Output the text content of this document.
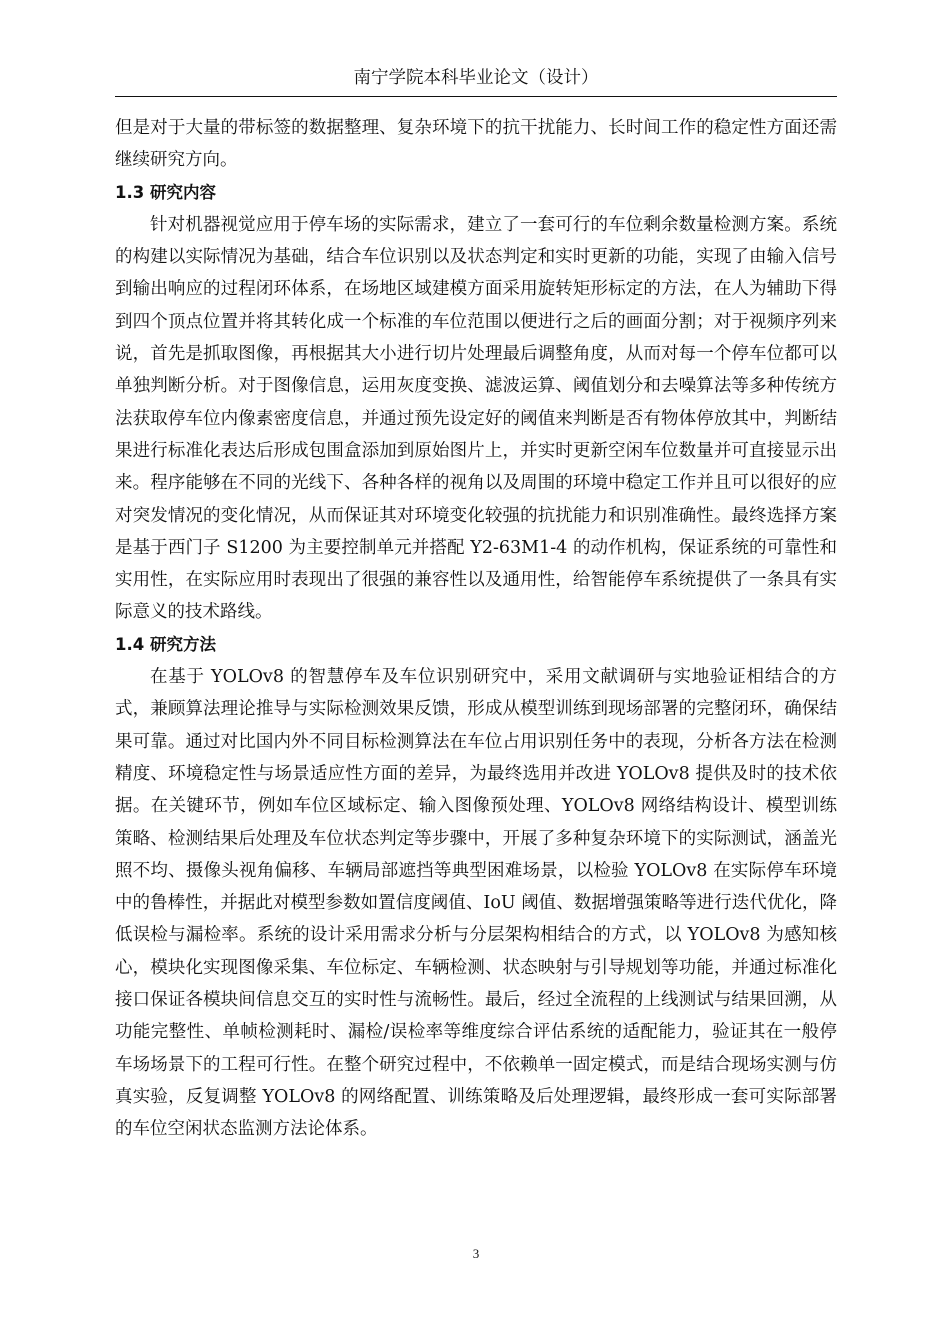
南宁学院本科毕业论文（设计）

但是对于大量的带标签的数据整理、复杂环境下的抗干扰能力、长时间工作的稳定性方面还需继续研究方向。

1.3 研究内容

针对机器视觉应用于停车场的实际需求，建立了一套可行的车位剩余数量检测方案。系统的构建以实际情况为基础，结合车位识别以及状态判定和实时更新的功能，实现了由输入信号到输出响应的过程闭环体系，在场地区域建模方面采用旋转矩形标定的方法，在人为辅助下得到四个顶点位置并将其转化成一个标准的车位范围以便进行之后的画面分割；对于视频序列来说，首先是抓取图像，再根据其大小进行切片处理最后调整角度，从而对每一个停车位都可以单独判断分析。对于图像信息，运用灰度变换、滤波运算、阈值划分和去噪算法等多种传统方法获取停车位内像素密度信息，并通过预先设定好的阈值来判断是否有物体停放其中，判断结果进行标准化表达后形成包围盒添加到原始图片上，并实时更新空闲车位数量并可直接显示出来。程序能够在不同的光线下、各种各样的视角以及周围的环境中稳定工作并且可以很好的应对突发情况的变化情况，从而保证其对环境变化较强的抗扰能力和识别准确性。最终选择方案是基于西门子 S1200 为主要控制单元并搭配 Y2-63M1-4 的动作机构，保证系统的可靠性和实用性，在实际应用时表现出了很强的兼容性以及通用性，给智能停车系统提供了一条具有实际意义的技术路线。

1.4 研究方法

在基于 YOLOv8 的智慧停车及车位识别研究中，采用文献调研与实地验证相结合的方式，兼顾算法理论推导与实际检测效果反馈，形成从模型训练到现场部署的完整闭环，确保结果可靠。通过对比国内外不同目标检测算法在车位占用识别任务中的表现，分析各方法在检测精度、环境稳定性与场景适应性方面的差异，为最终选用并改进 YOLOv8 提供及时的技术依据。在关键环节，例如车位区域标定、输入图像预处理、YOLOv8 网络结构设计、模型训练策略、检测结果后处理及车位状态判定等步骤中，开展了多种复杂环境下的实际测试，涵盖光照不均、摄像头视角偏移、车辆局部遮挡等典型困难场景，以检验 YOLOv8 在实际停车环境中的鲁棒性，并据此对模型参数如置信度阈值、IoU 阈值、数据增强策略等进行迭代优化，降低误检与漏检率。系统的设计采用需求分析与分层架构相结合的方式，以 YOLOv8 为感知核心，模块化实现图像采集、车位标定、车辆检测、状态映射与引导规划等功能，并通过标准化接口保证各模块间信息交互的实时性与流畅性。最后，经过全流程的上线测试与结果回溯，从功能完整性、单帧检测耗时、漏检/误检率等维度综合评估系统的适配能力，验证其在一般停车场场景下的工程可行性。在整个研究过程中，不依赖单一固定模式，而是结合现场实测与仿真实验，反复调整 YOLOv8 的网络配置、训练策略及后处理逻辑，最终形成一套可实际部署的车位空闲状态监测方法论体系。

3
